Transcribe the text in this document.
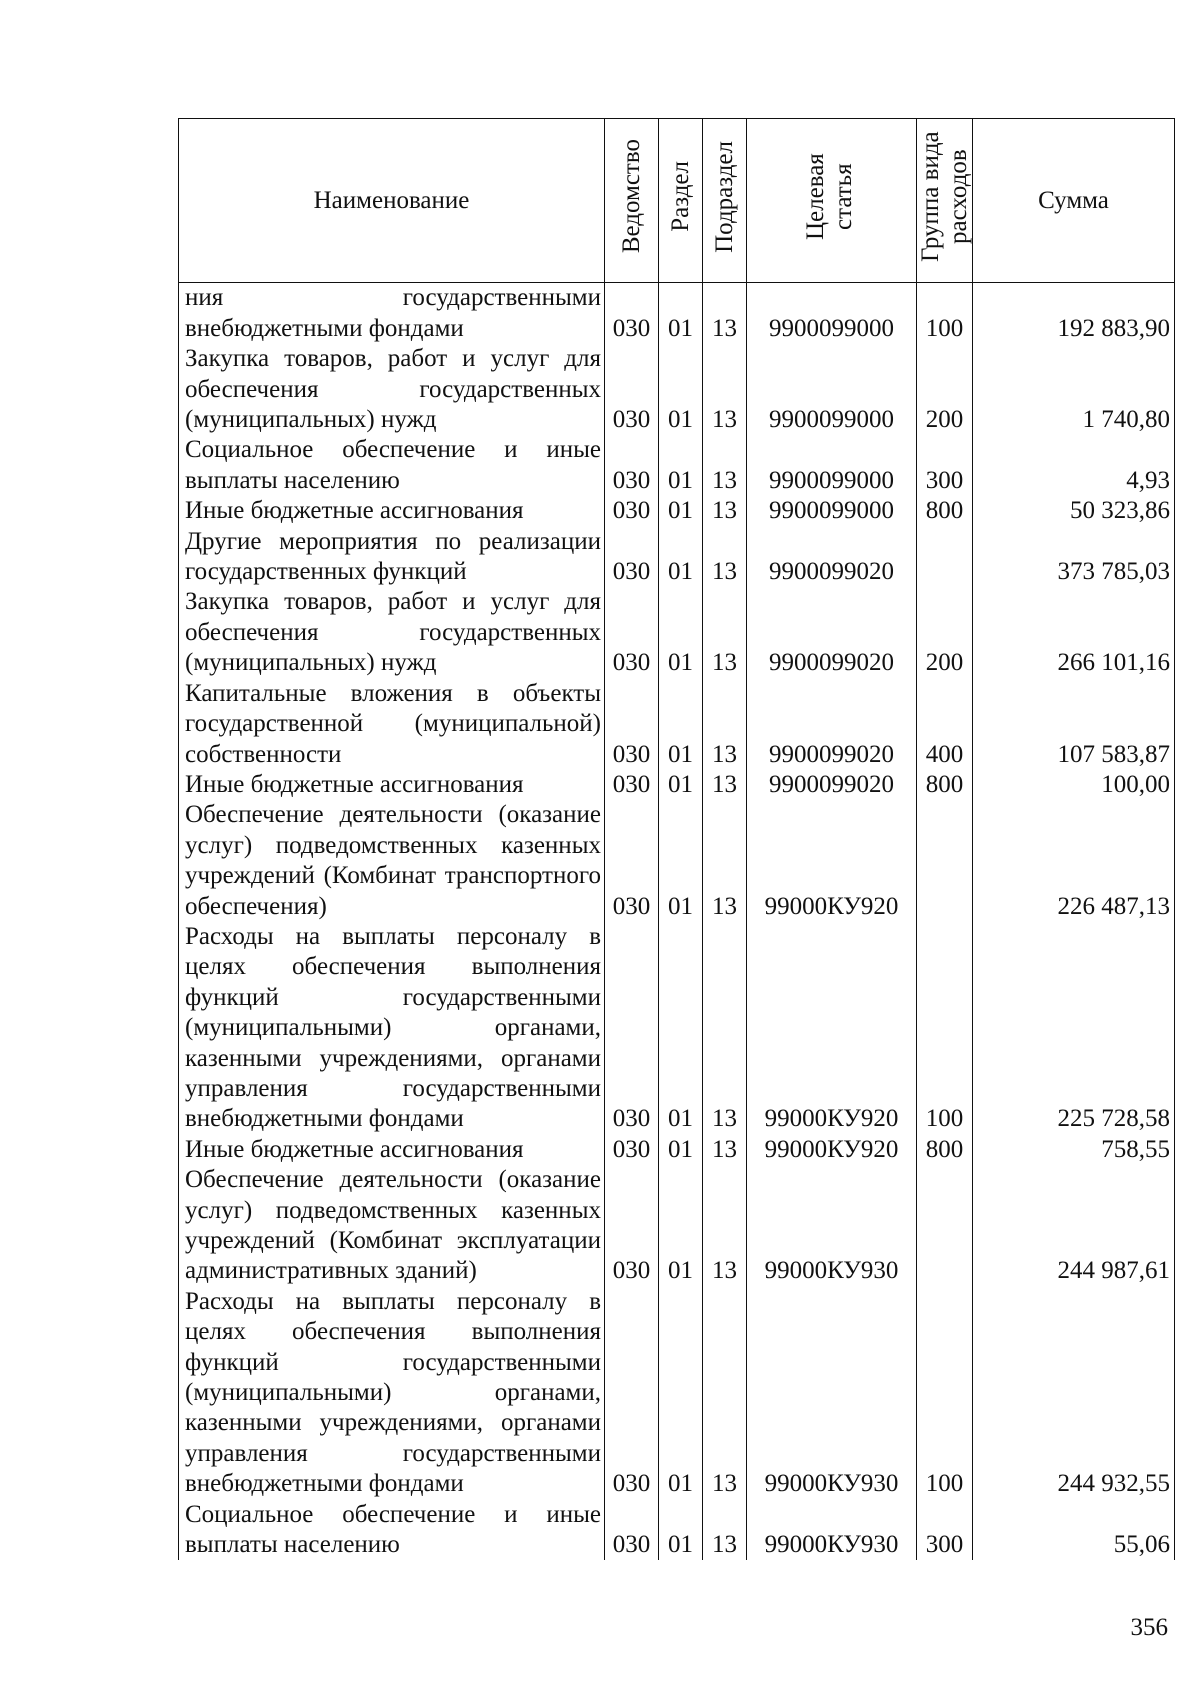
Наименование	Ведомство	Раздел	Подраздел	Целевая статья	Группа вида расходов	Сумма
ния государственными внебюджетными фондами	030	01	13	9900099000	100	192 883,90
Закупка товаров, работ и услуг для обеспечения государственных (муниципальных) нужд	030	01	13	9900099000	200	1 740,80
Социальное обеспечение и иные выплаты населению	030	01	13	9900099000	300	4,93
Иные бюджетные ассигнования	030	01	13	9900099000	800	50 323,86
Другие мероприятия по реализации государственных функций	030	01	13	9900099020		373 785,03
Закупка товаров, работ и услуг для обеспечения государственных (муниципальных) нужд	030	01	13	9900099020	200	266 101,16
Капитальные вложения в объекты государственной (муниципальной) собственности	030	01	13	9900099020	400	107 583,87
Иные бюджетные ассигнования	030	01	13	9900099020	800	100,00
Обеспечение деятельности (оказание услуг) подведомственных казенных учреждений (Комбинат транспортного обеспечения)	030	01	13	99000КУ920		226 487,13
Расходы на выплаты персоналу в целях обеспечения выполнения функций государственными (муниципальными) органами, казенными учреждениями, органами управления государственными внебюджетными фондами	030	01	13	99000КУ920	100	225 728,58
Иные бюджетные ассигнования	030	01	13	99000КУ920	800	758,55
Обеспечение деятельности (оказание услуг) подведомственных казенных учреждений (Комбинат эксплуатации административных зданий)	030	01	13	99000КУ930		244 987,61
Расходы на выплаты персоналу в целях обеспечения выполнения функций государственными (муниципальными) органами, казенными учреждениями, органами управления государственными внебюджетными фондами	030	01	13	99000КУ930	100	244 932,55
Социальное обеспечение и иные выплаты населению	030	01	13	99000КУ930	300	55,06
356
